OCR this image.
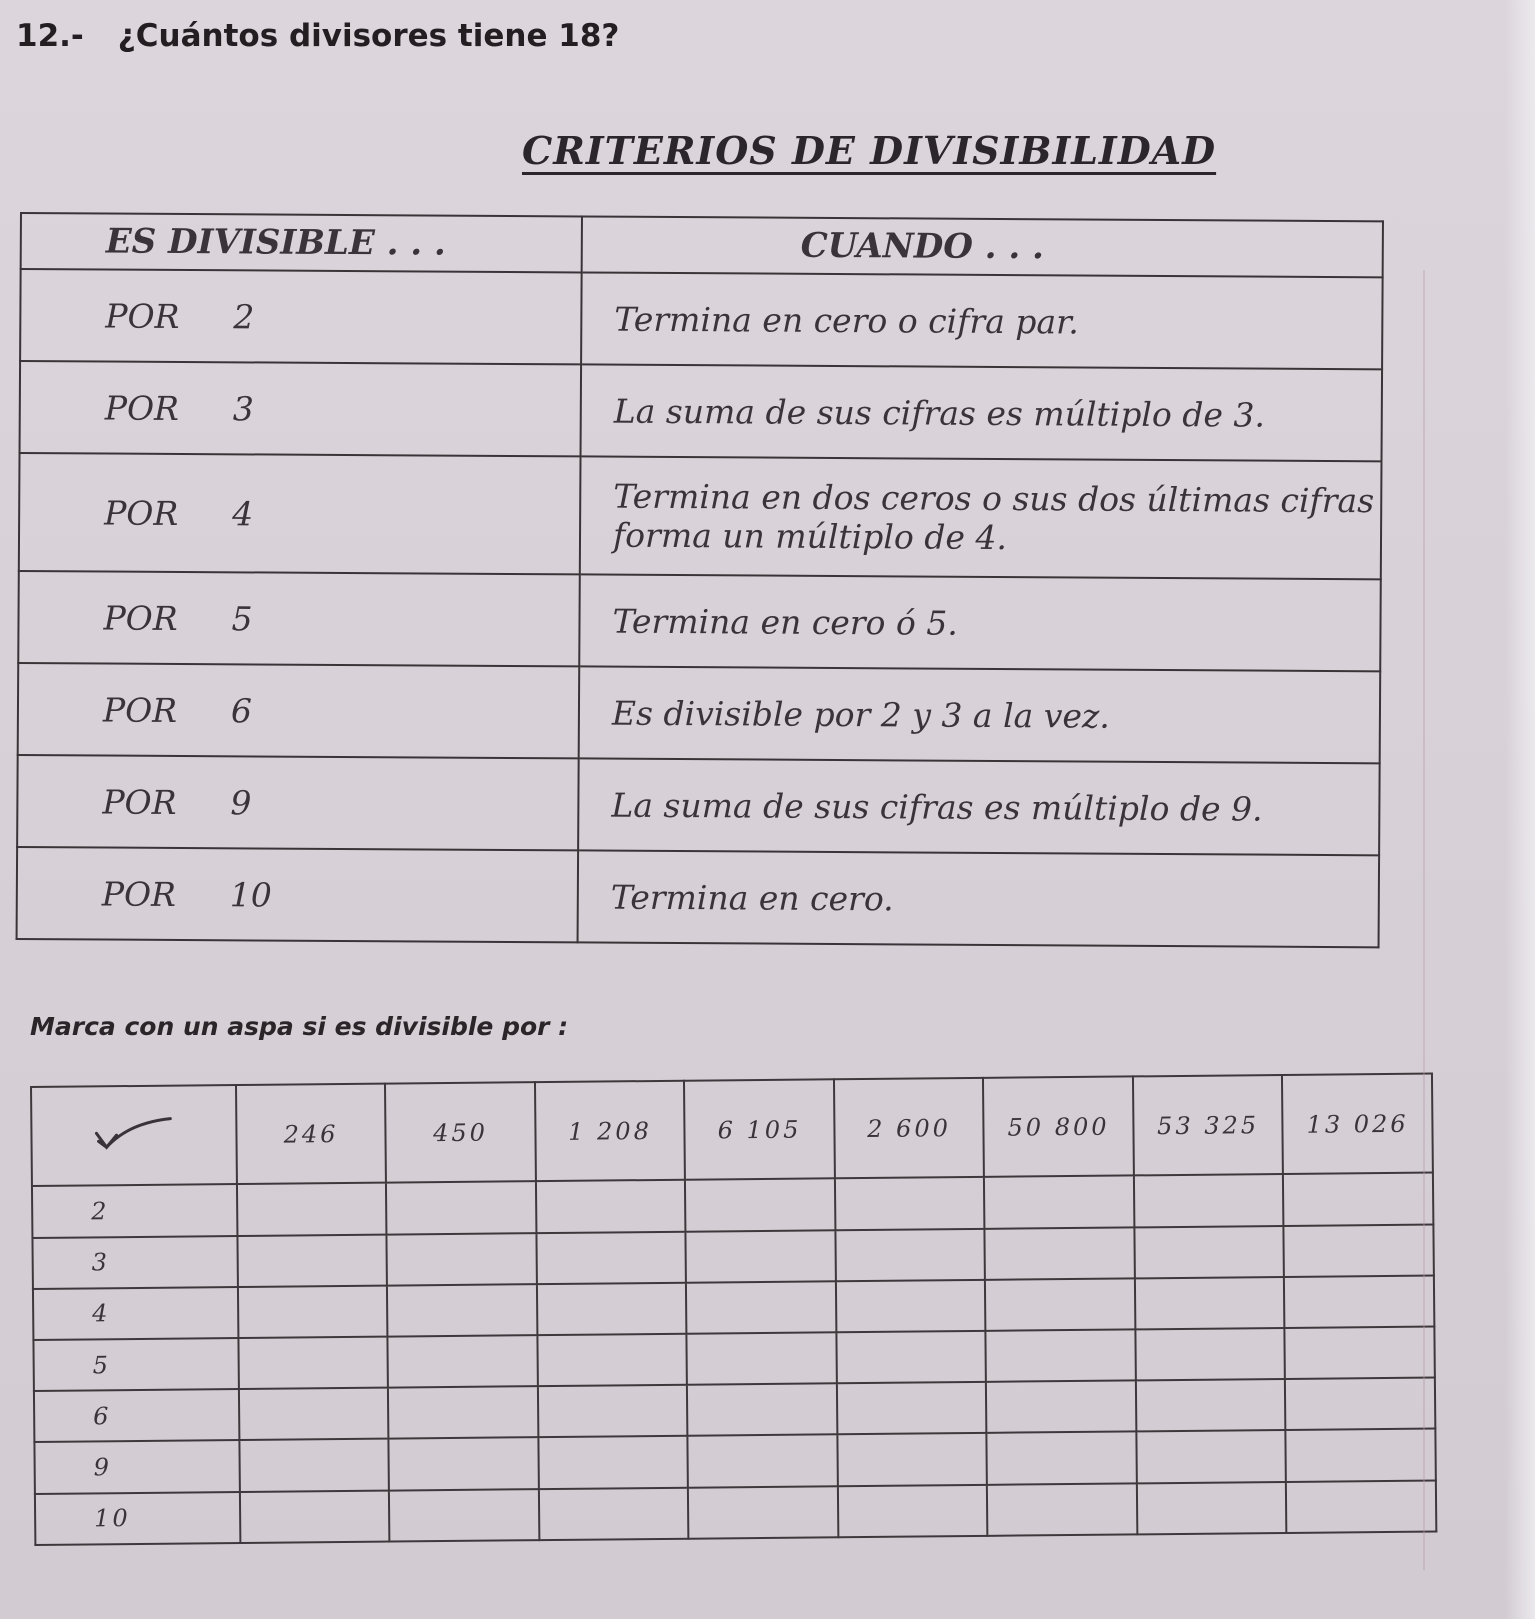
12.- ¿Cuántos divisores tiene 18?
CRITERIOS DE DIVISIBILIDAD
ES DIVISIBLE . . .	CUANDO . . .
POR 2	Termina en cero o cifra par.
POR 3	La suma de sus cifras es múltiplo de 3.
POR 4	Termina en dos ceros o sus dos últimas cifras forma un múltiplo de 4.
POR 5	Termina en cero ó 5.
POR 6	Es divisible por 2 y 3 a la vez.
POR 9	La suma de sus cifras es múltiplo de 9.
POR 10	Termina en cero.
Marca con un aspa si es divisible por :
	246	450	1 208	6 105	2 600	50 800	53 325	13 026
2								
3								
4								
5								
6								
9								
10								
